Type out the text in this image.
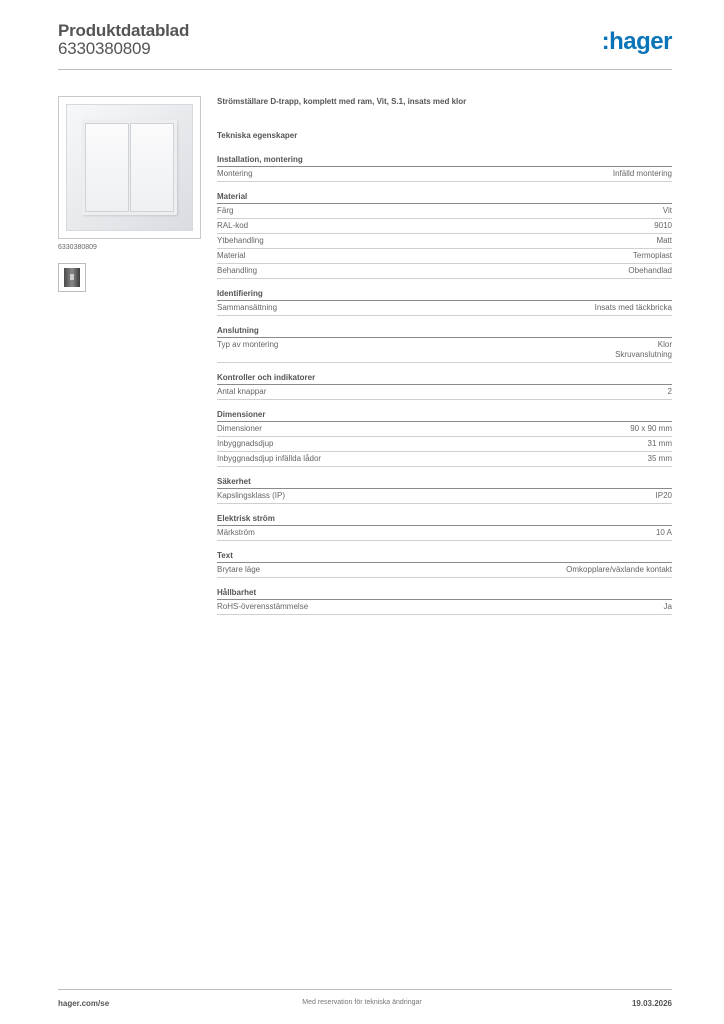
Produktdatablad
6330380809	:hager
6330380809
Strömställare D-trapp, komplett med ram, Vit, S.1, insats med klor
Tekniska egenskaper
Installation, montering
Montering	Infälld montering
Material
Färg	Vit
RAL-kod	9010
Ytbehandling	Matt
Material	Termoplast
Behandling	Obehandlad
Identifiering
Sammansättning	Insats med täckbricka
Anslutning
Typ av montering	Klor
Skruvanslutning
Kontroller och indikatorer
Antal knappar	2
Dimensioner
Dimensioner	90 x 90 mm
Inbyggnadsdjup	31 mm
Inbyggnadsdjup infällda lådor	35 mm
Säkerhet
Kapslingsklass (IP)	IP20
Elektrisk ström
Märkström	10 A
Text
Brytare läge	Omkopplare/växlande kontakt
Hållbarhet
RoHS-överensstämmelse	Ja
hager.com/se	Med reservation för tekniska ändringar	19.03.2026
